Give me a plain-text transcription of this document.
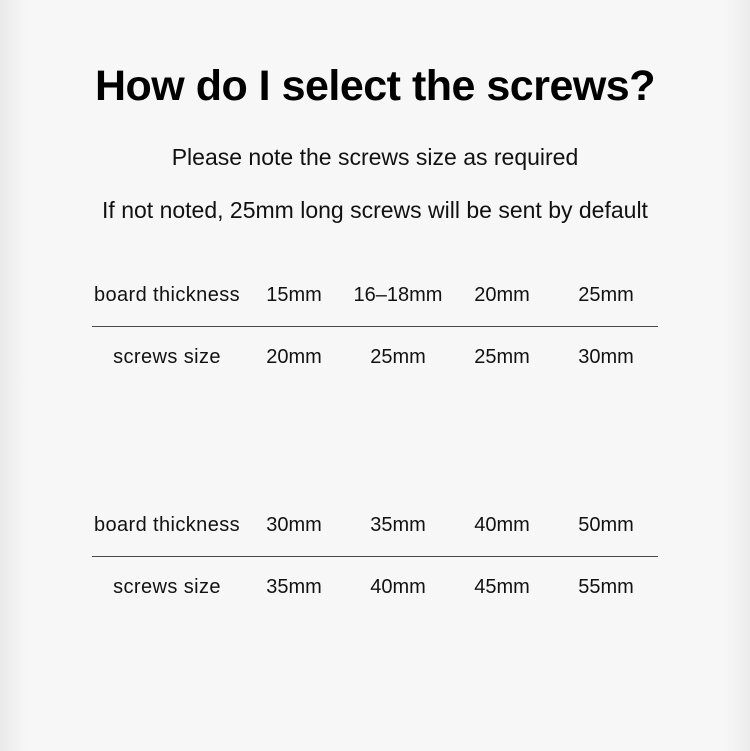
How do I select the screws?

Please note the screws size as required

If not noted, 25mm long screws will be sent by default

board thickness	15mm	16–18mm	20mm	25mm
screws size	20mm	25mm	25mm	30mm
board thickness	30mm	35mm	40mm	50mm
screws size	35mm	40mm	45mm	55mm
